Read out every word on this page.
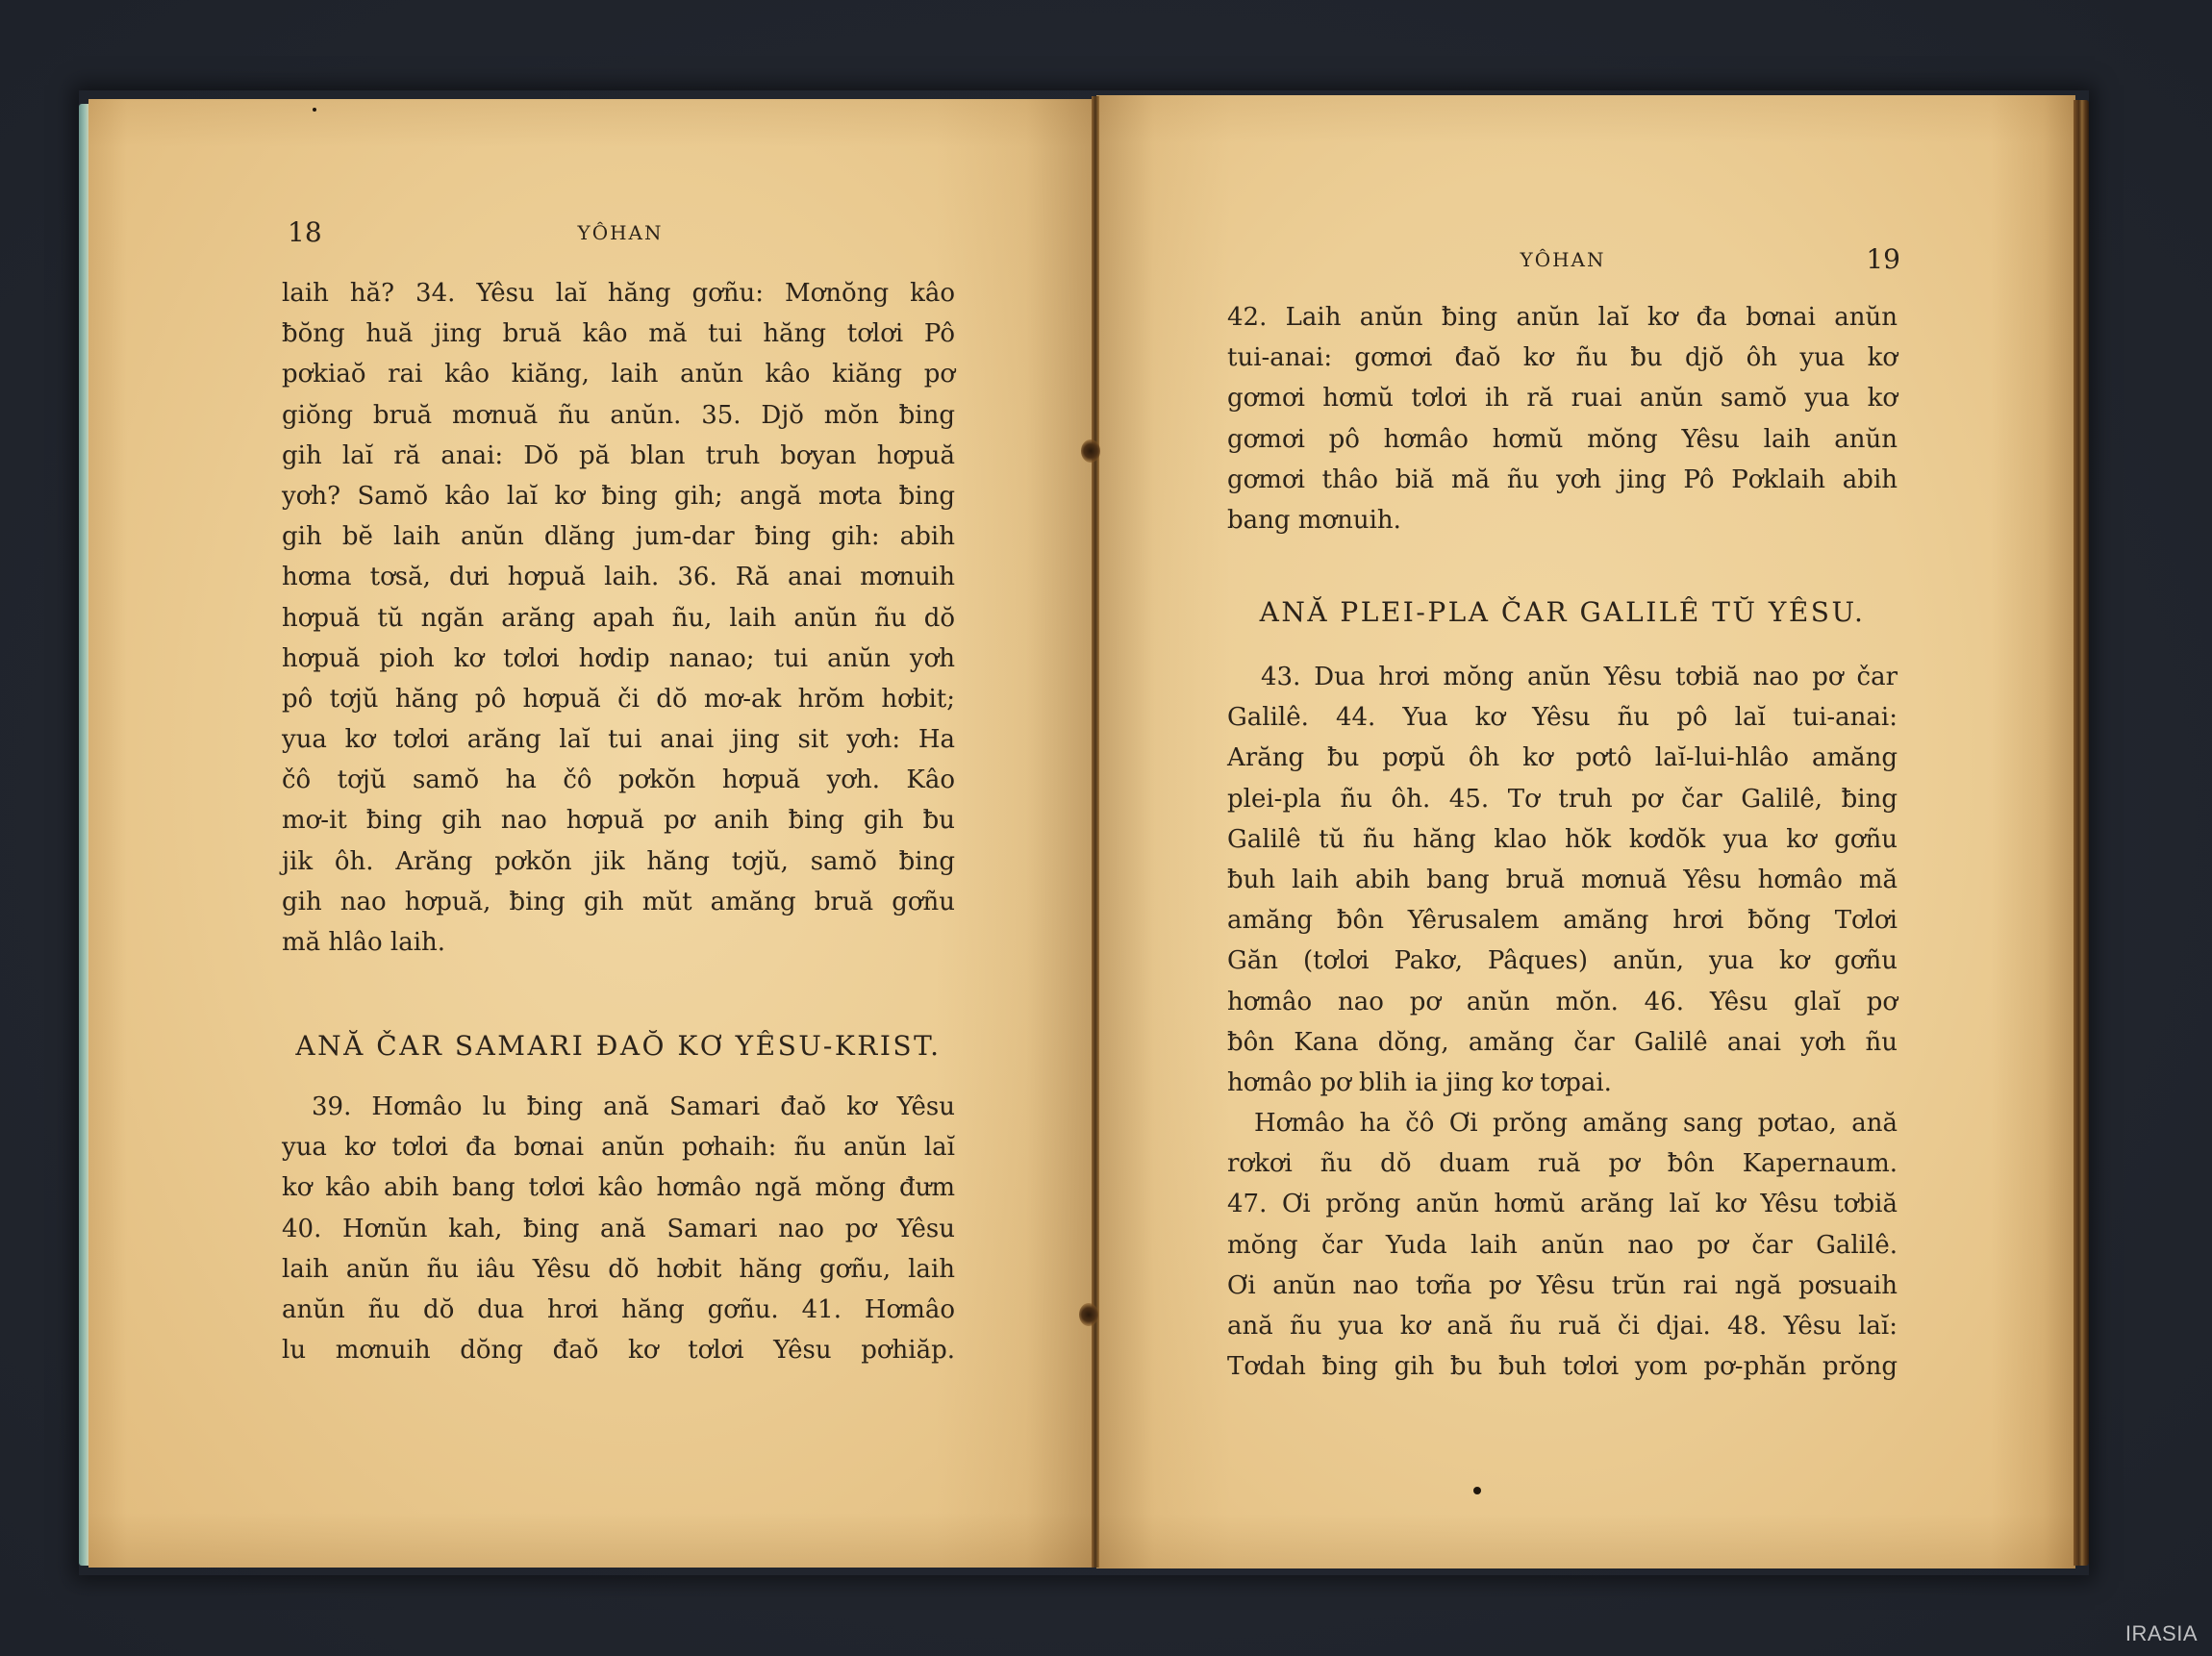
18	YÔHAN
laih hă? 34. Yêsu laĭ hăng gơñu: Mơnŏng kâo
ƀŏng huă jing bruă kâo mă tui hăng tơlơi Pô
pơkiaŏ rai kâo kiăng, laih anŭn kâo kiăng pơ
giŏng bruă mơnuă ñu anŭn. 35. Djŏ mŏn ƀing
gih laĭ ră anai: Dŏ pă blan truh bơyan hơpuă
yơh? Samŏ kâo laĭ kơ ƀing gih; angă mơta ƀing
gih bĕ laih anŭn dlăng jum-dar ƀing gih: abih
hơma tơsă, dưi hơpuă laih. 36. Ră anai mơnuih
hơpuă tŭ ngăn arăng apah ñu, laih anŭn ñu dŏ
hơpuă pioh kơ tơlơi hơdip nanao; tui anŭn yơh
pô tơjŭ hăng pô hơpuă či dŏ mơ-ak hrŏm hơbit;
yua kơ tơlơi arăng laĭ tui anai jing sit yơh: Ha
čô tơjŭ samŏ ha čô pơkŏn hơpuă yơh. Kâo
mơ-it ƀing gih nao hơpuă pơ anih ƀing gih ƀu
jik ôh. Arăng pơkŏn jik hăng tơjŭ, samŏ ƀing
gih nao hơpuă, ƀing gih mŭt amăng bruă gơñu
mă hlâo laih.
ANĂ ČAR SAMARI ĐAŎ KƠ YÊSU-KRIST.
39. Hơmâo lu ƀing ană Samari đaŏ kơ Yêsu
yua kơ tơlơi đa bơnai anŭn pơhaih: ñu anŭn laĭ
kơ kâo abih bang tơlơi kâo hơmâo ngă mŏng đưm
40. Hơnŭn kah, ƀing ană Samari nao pơ Yêsu
laih anŭn ñu iâu Yêsu dŏ hơbit hăng gơñu, laih
anŭn ñu dŏ dua hrơi hăng gơñu. 41. Hơmâo
lu mơnuih dŏng đaŏ kơ tơlơi Yêsu pơhiăp.
YÔHAN	19
42. Laih anŭn ƀing anŭn laĭ kơ đa bơnai anŭn
tui-anai: gơmơi đaŏ kơ ñu ƀu djŏ ôh yua kơ
gơmơi hơmŭ tơlơi ih ră ruai anŭn samŏ yua kơ
gơmơi pô hơmâo hơmŭ mŏng Yêsu laih anŭn
gơmơi thâo biă mă ñu yơh jing Pô Pơklaih abih
bang mơnuih.
ANĂ PLEI-PLA ČAR GALILÊ TŬ YÊSU.
43. Dua hrơi mŏng anŭn Yêsu tơbiă nao pơ čar
Galilê. 44. Yua kơ Yêsu ñu pô laĭ tui-anai:
Arăng ƀu pơpŭ ôh kơ pơtô laĭ-lui-hlâo amăng
plei-pla ñu ôh. 45. Tơ truh pơ čar Galilê, ƀing
Galilê tŭ ñu hăng klao hŏk kơdŏk yua kơ gơñu
ƀuh laih abih bang bruă mơnuă Yêsu hơmâo mă
amăng ƀôn Yêrusalem amăng hrơi ƀŏng Tơlơi
Găn (tơlơi Pakơ, Pâques) anŭn, yua kơ gơñu
hơmâo nao pơ anŭn mŏn. 46. Yêsu glaĭ pơ
ƀôn Kana dŏng, amăng čar Galilê anai yơh ñu
hơmâo pơ blih ia jing kơ tơpai.
Hơmâo ha čô Ơi prŏng amăng sang pơtao, ană
rơkơi ñu dŏ duam ruă pơ ƀôn Kapernaum.
47. Ơi prŏng anŭn hơmŭ arăng laĭ kơ Yêsu tơbiă
mŏng čar Yuda laih anŭn nao pơ čar Galilê.
Ơi anŭn nao tơña pơ Yêsu trŭn rai ngă pơsuaih
ană ñu yua kơ ană ñu ruă či djai. 48. Yêsu laĭ:
Tơdah ƀing gih ƀu ƀuh tơlơi yom pơ-phăn prŏng
IRASIA
